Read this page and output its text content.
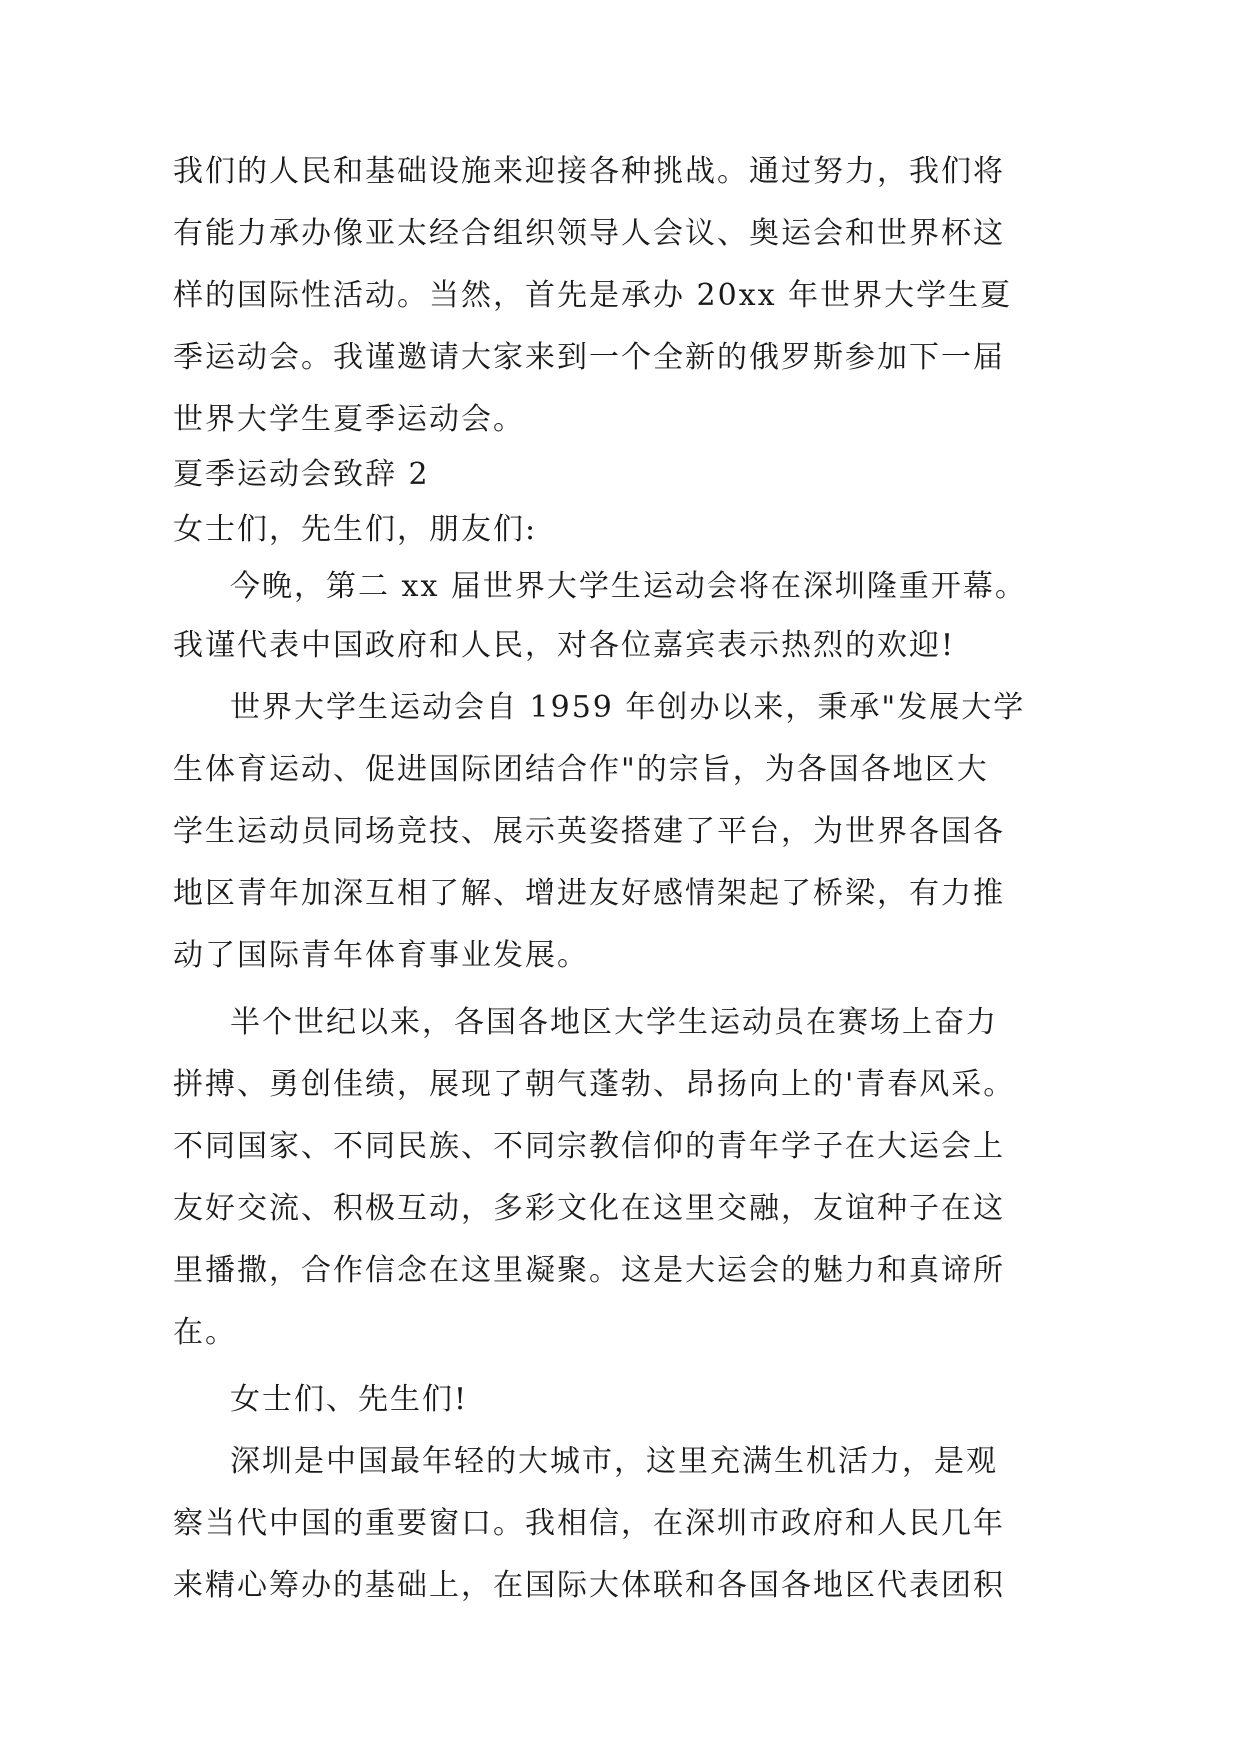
我们的人民和基础设施来迎接各种挑战。通过努力，我们将
有能力承办像亚太经合组织领导人会议、奥运会和世界杯这
样的国际性活动。当然，首先是承办 20xx 年世界大学生夏
季运动会。我谨邀请大家来到一个全新的俄罗斯参加下一届
世界大学生夏季运动会。
夏季运动会致辞 2
女士们，先生们，朋友们:
今晚，第二 xx 届世界大学生运动会将在深圳隆重开幕。
我谨代表中国政府和人民，对各位嘉宾表示热烈的欢迎!
世界大学生运动会自 1959 年创办以来，秉承"发展大学
生体育运动、促进国际团结合作"的宗旨，为各国各地区大
学生运动员同场竞技、展示英姿搭建了平台，为世界各国各
地区青年加深互相了解、增进友好感情架起了桥梁，有力推
动了国际青年体育事业发展。
半个世纪以来，各国各地区大学生运动员在赛场上奋力
拼搏、勇创佳绩，展现了朝气蓬勃、昂扬向上的'青春风采。
不同国家、不同民族、不同宗教信仰的青年学子在大运会上
友好交流、积极互动，多彩文化在这里交融，友谊种子在这
里播撒，合作信念在这里凝聚。这是大运会的魅力和真谛所
在。
女士们、先生们!
深圳是中国最年轻的大城市，这里充满生机活力，是观
察当代中国的重要窗口。我相信，在深圳市政府和人民几年
来精心筹办的基础上，在国际大体联和各国各地区代表团积
